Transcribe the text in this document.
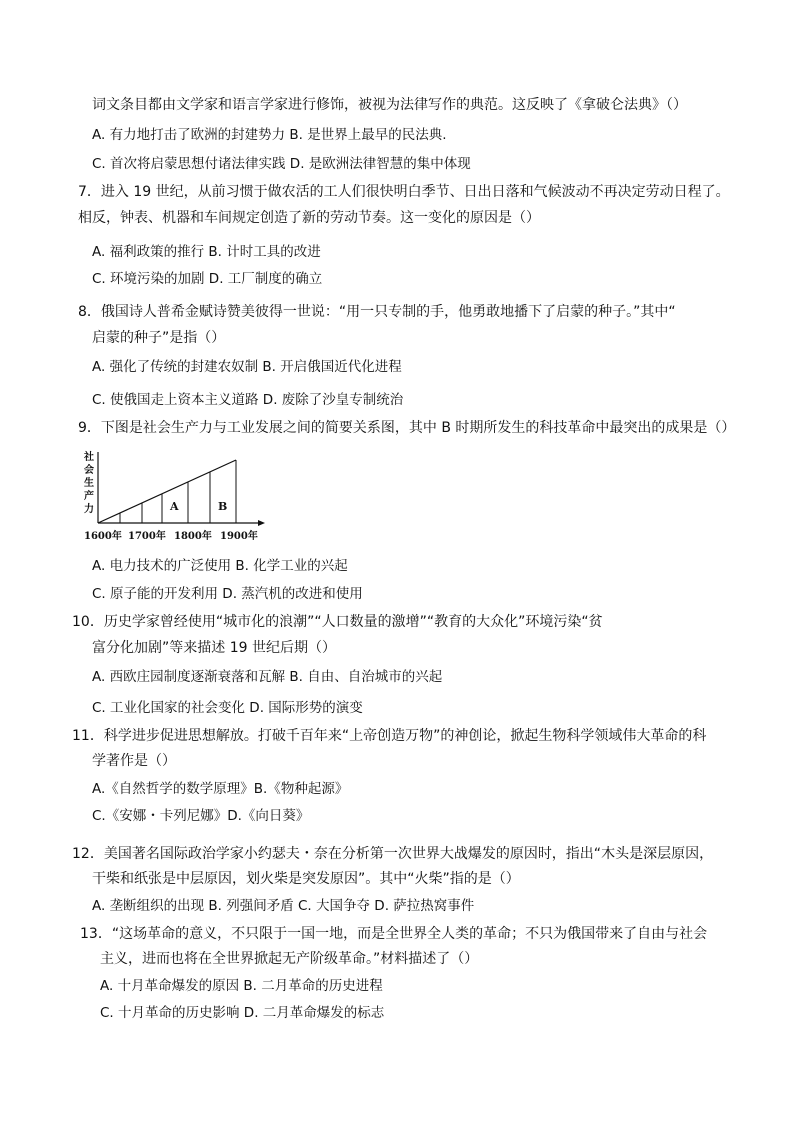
词文条目都由文学家和语言学家进行修饰，被视为法律写作的典范。这反映了《拿破仑法典》（）
A. 有力地打击了欧洲的封建势力 B. 是世界上最早的民法典.
C. 首次将启蒙思想付诸法律实践 D. 是欧洲法律智慧的集中体现
7．进入 19 世纪，从前习惯于做农活的工人们很快明白季节、日出日落和气候波动不再决定劳动日程了。
相反，钟表、机器和车间规定创造了新的劳动节奏。这一变化的原因是（）
A. 福利政策的推行 B. 计时工具的改进
C. 环境污染的加剧 D. 工厂制度的确立
8．俄国诗人普希金赋诗赞美彼得一世说：“用一只专制的手，他勇敢地播下了启蒙的种子。”其中“
启蒙的种子”是指（）
A. 强化了传统的封建农奴制 B. 开启俄国近代化进程
C. 使俄国走上资本主义道路 D. 废除了沙皇专制统治
9．下图是社会生产力与工业发展之间的简要关系图，其中 B 时期所发生的科技革命中最突出的成果是（）
社
会
生
产
力	A	B
1600年 1700年 1800年 1900年
A. 电力技术的广泛使用 B. 化学工业的兴起
C. 原子能的开发利用 D. 蒸汽机的改进和使用
10．历史学家曾经使用“城市化的浪潮”“人口数量的激增”“教育的大众化”环境污染“贫
富分化加剧”等来描述 19 世纪后期（）
A. 西欧庄园制度逐渐衰落和瓦解 B. 自由、自治城市的兴起
C. 工业化国家的社会变化 D. 国际形势的演变
11．科学进步促进思想解放。打破千百年来“上帝创造万物”的神创论，掀起生物科学领域伟大革命的科
学著作是（）
A.《自然哲学的数学原理》B.《物种起源》
C.《安娜・卡列尼娜》D.《向日葵》
12．美国著名国际政治学家小约瑟夫・奈在分析第一次世界大战爆发的原因时，指出“木头是深层原因，
干柴和纸张是中层原因，划火柴是突发原因”。其中“火柴”指的是（）
A. 垄断组织的出现 B. 列强间矛盾 C. 大国争夺 D. 萨拉热窝事件
13．“这场革命的意义，不只限于一国一地，而是全世界全人类的革命；不只为俄国带来了自由与社会
主义，进而也将在全世界掀起无产阶级革命。”材料描述了（）
A. 十月革命爆发的原因 B. 二月革命的历史进程
C. 十月革命的历史影响 D. 二月革命爆发的标志
